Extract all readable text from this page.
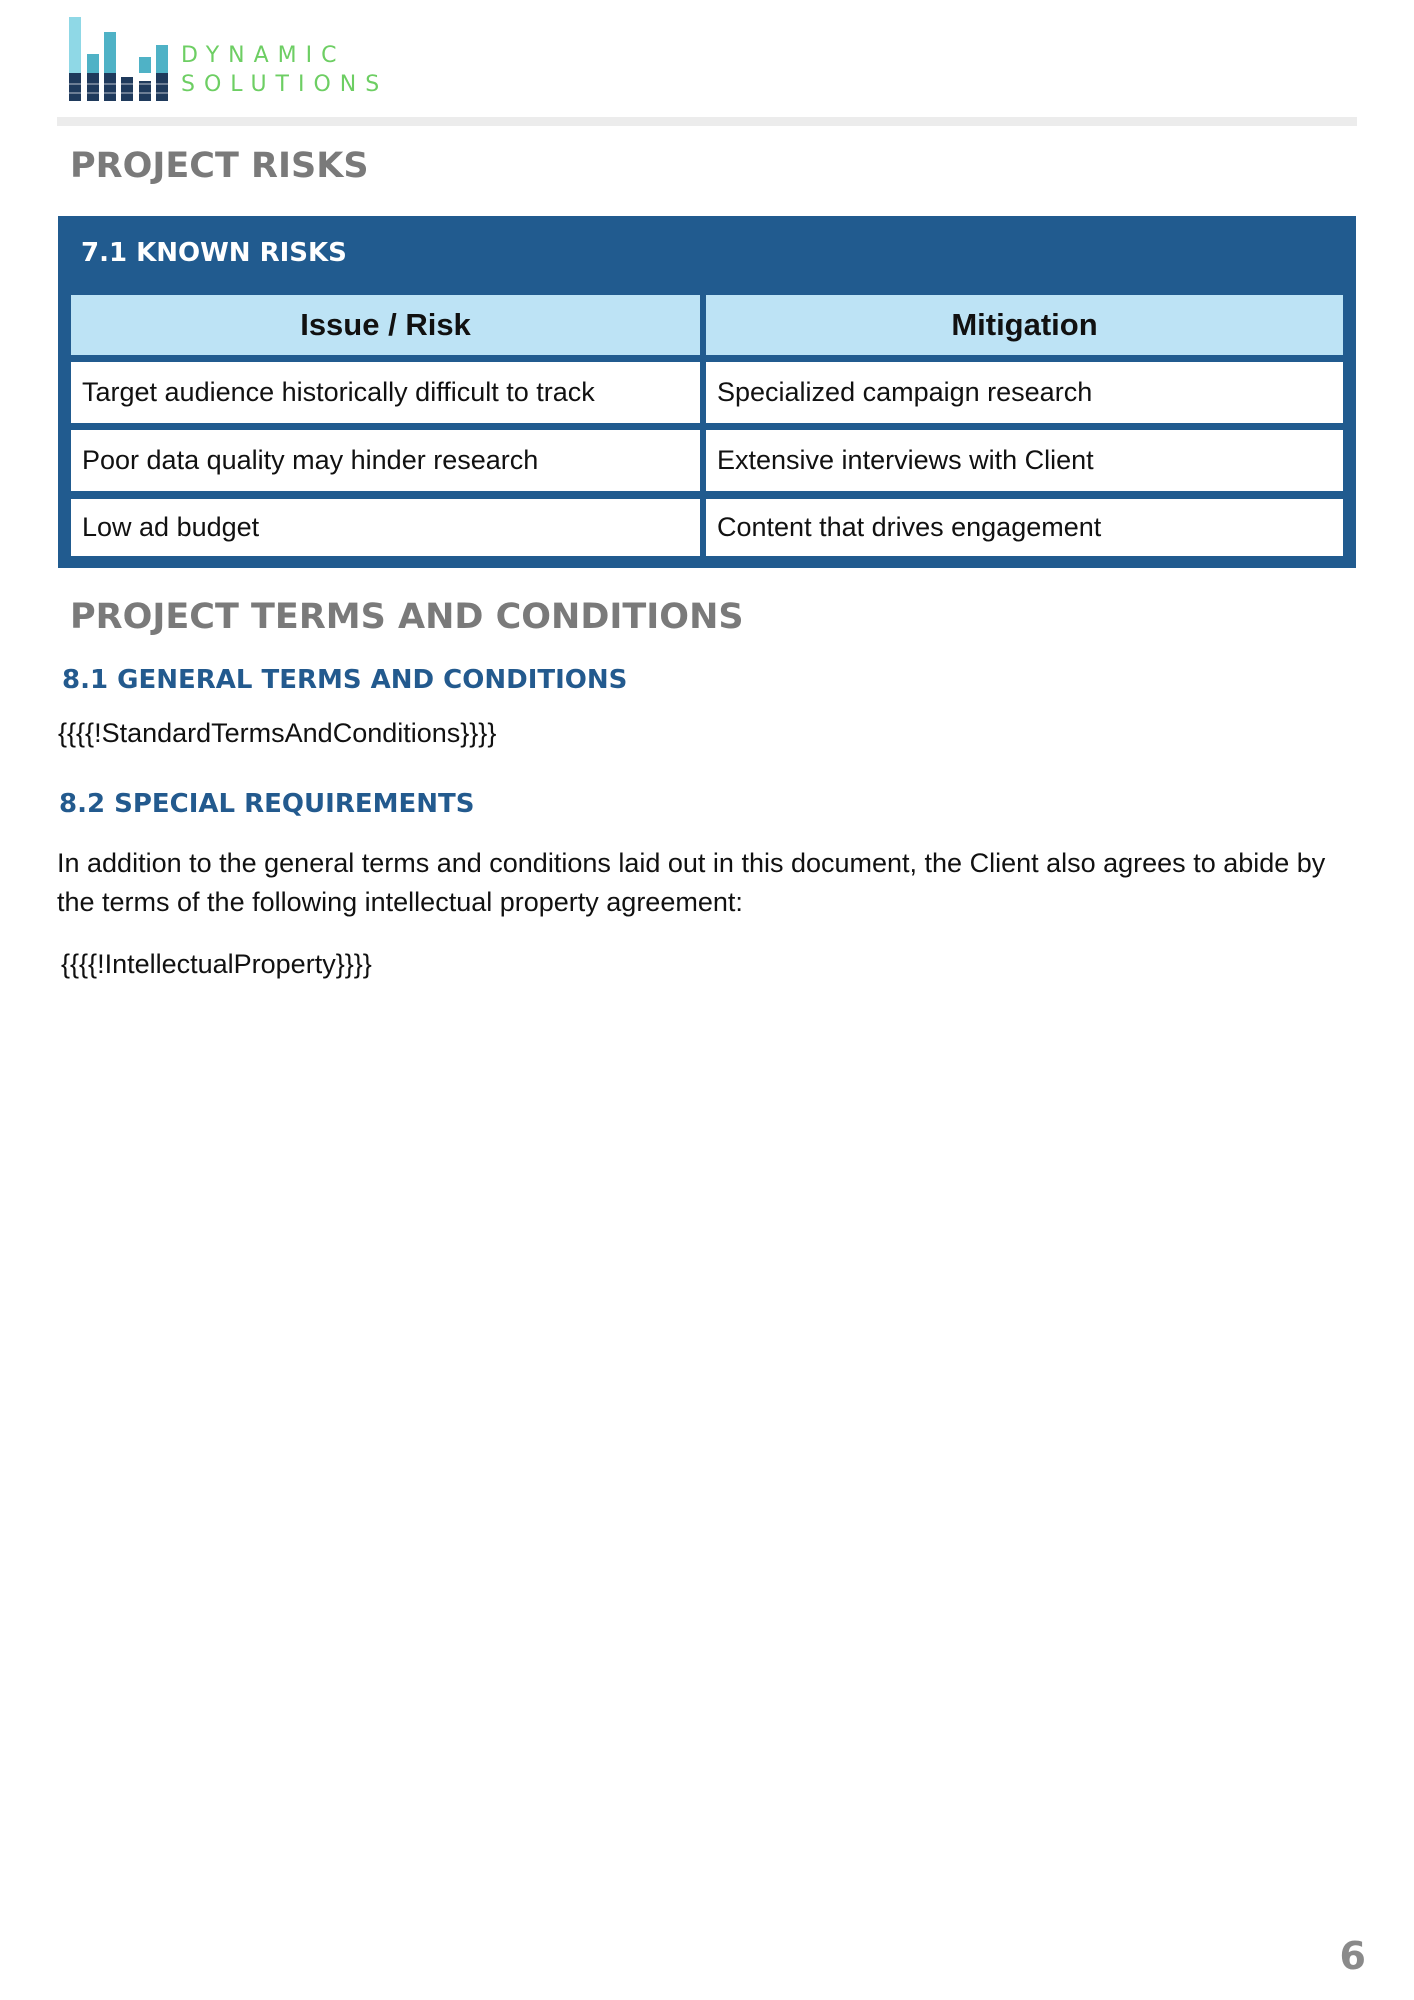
DYNAMIC
SOLUTIONS
PROJECT RISKS
7.1 KNOWN RISKS
Issue / Risk	Mitigation
Target audience historically difficult to track	Specialized campaign research
Poor data quality may hinder research	Extensive interviews with Client
Low ad budget	Content that drives engagement
PROJECT TERMS AND CONDITIONS
8.1 GENERAL TERMS AND CONDITIONS

{{{{!StandardTermsAndConditions}}}}

8.2 SPECIAL REQUIREMENTS

In addition to the general terms and conditions laid out in this document, the Client also agrees to abide by the terms of the following intellectual property agreement:

{{{{!IntellectualProperty}}}}

6
